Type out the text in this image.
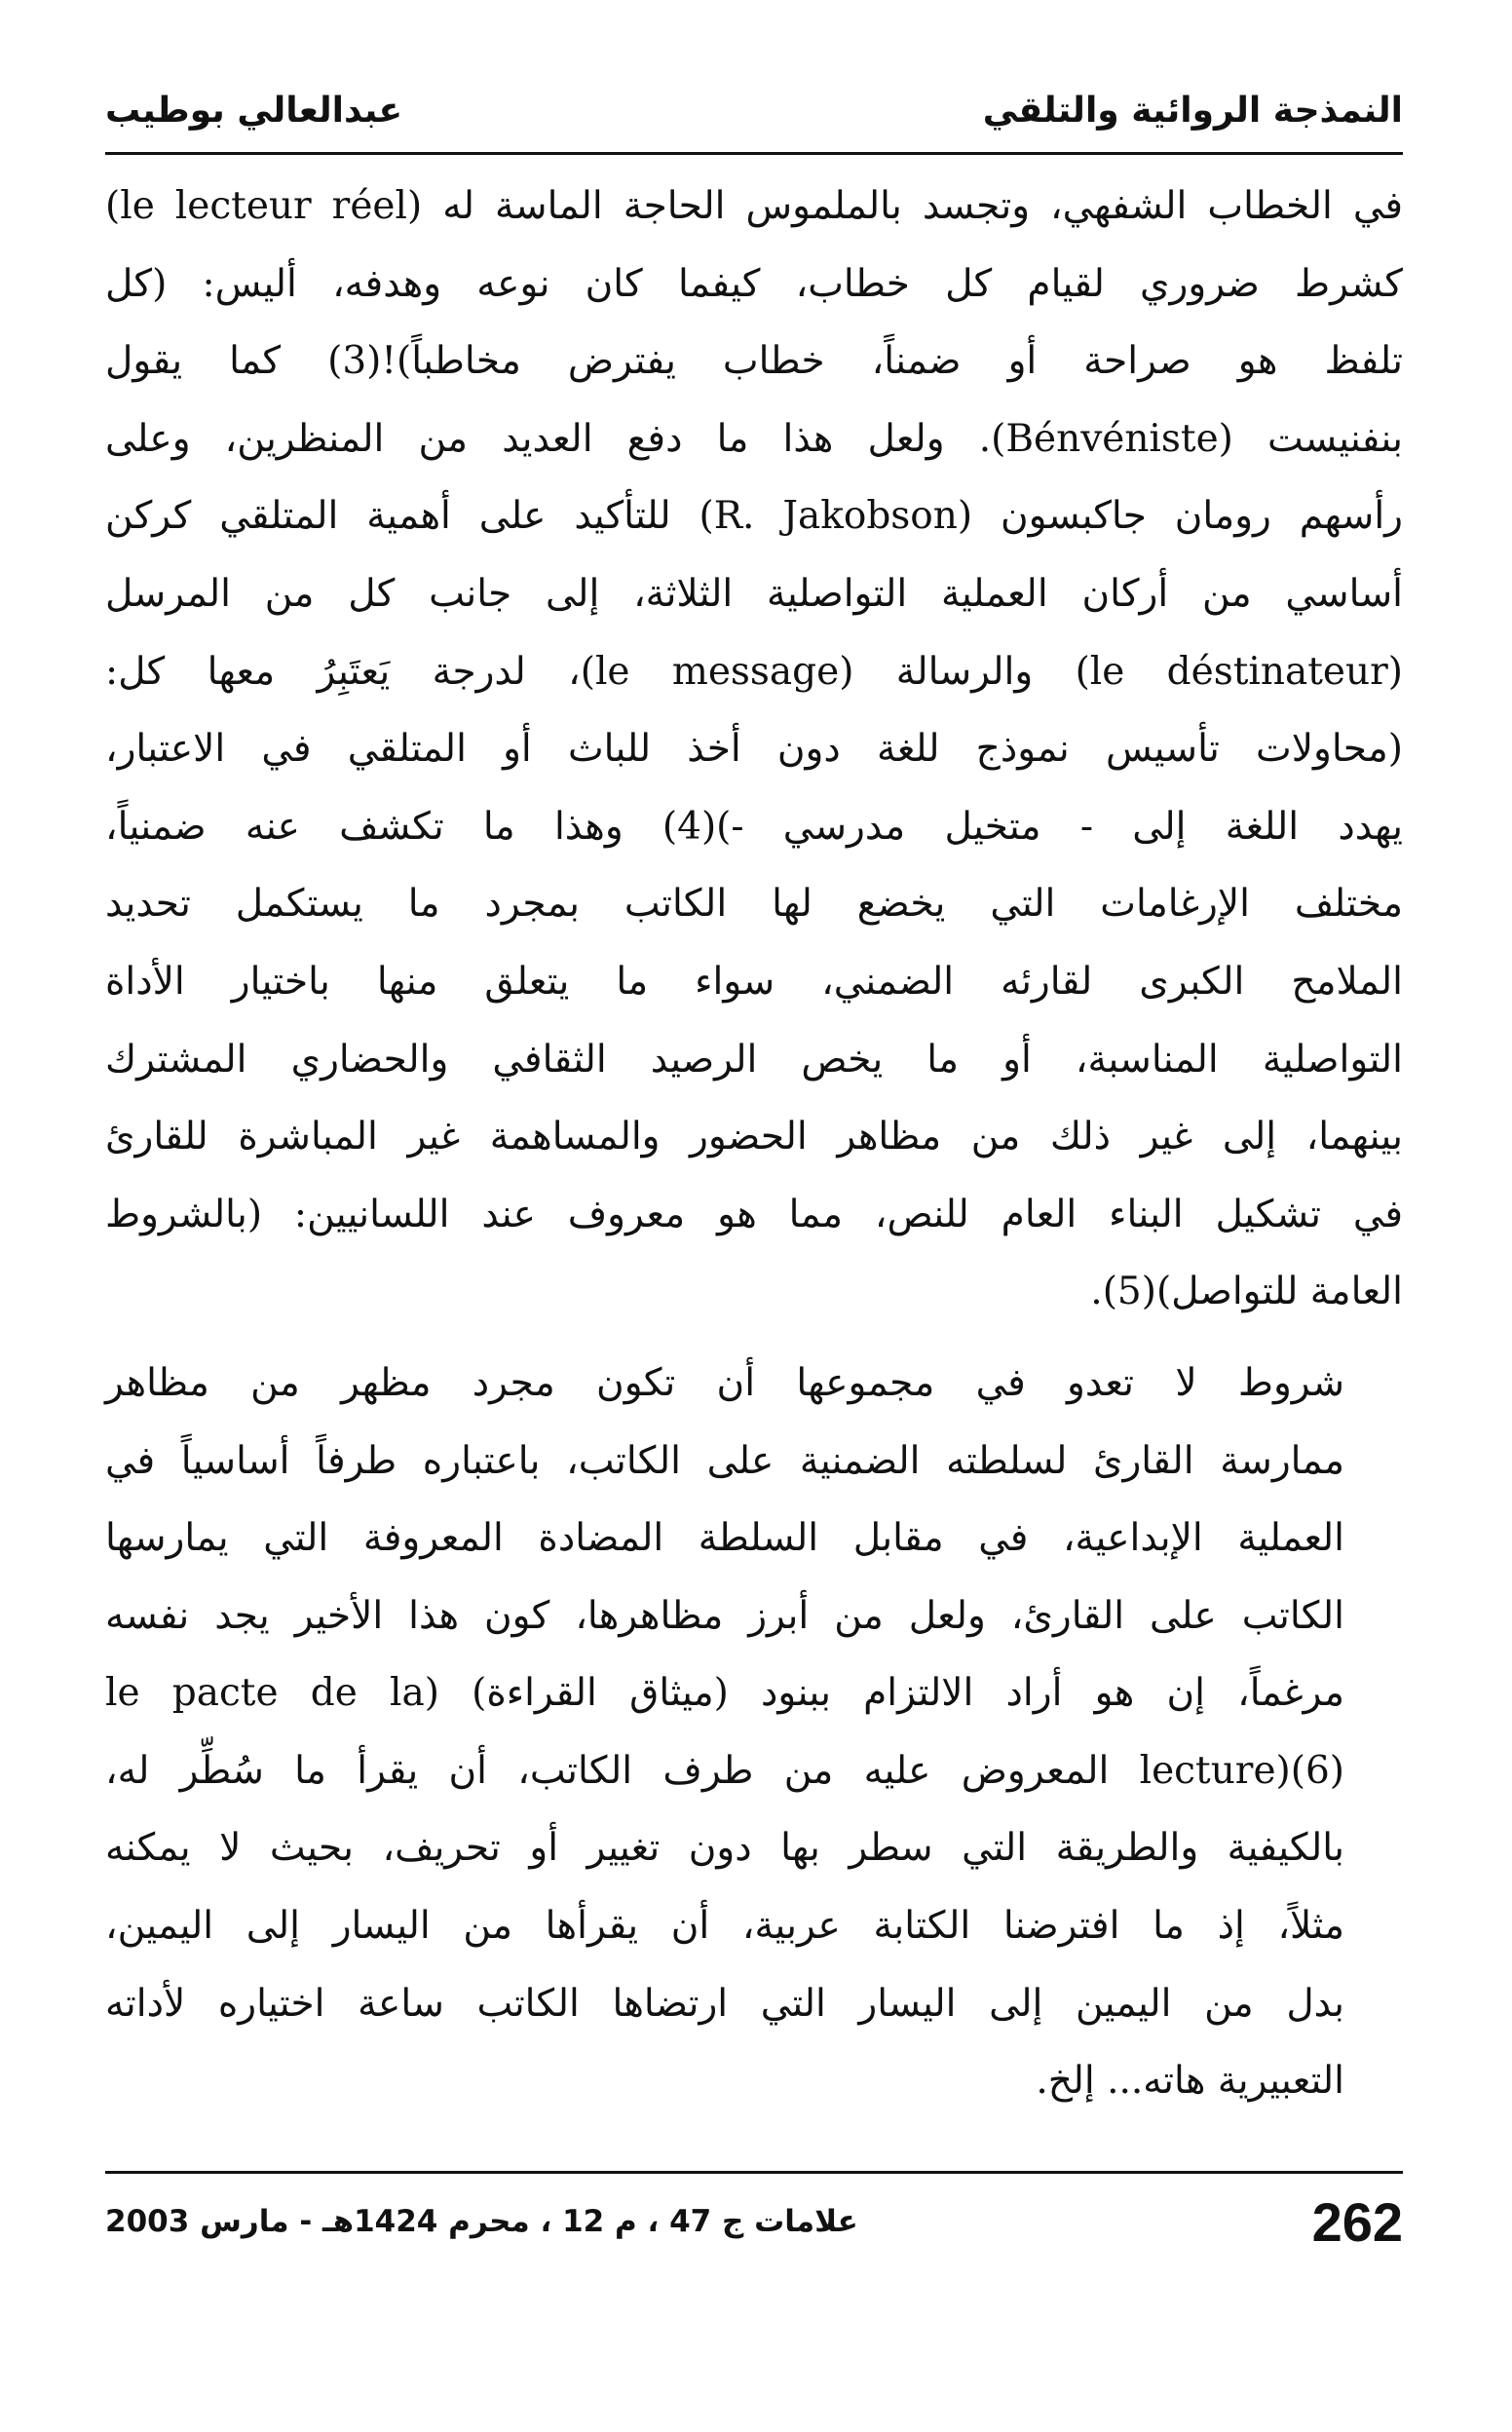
النمذجة الروائية والتلقي
عبدالعالي بوطيب

(le lecteur réel) في الخطاب الشفهي، وتجسد بالملموس الحاجة الماسة له
كشرط ضروري لقيام كل خطاب، كيفما كان نوعه وهدفه، أليس: (كل
تلفظ هو صراحة أو ضمناً، خطاب يفترض مخاطباً)!(3) كما يقول
بنفنيست (Bénvéniste). ولعل هذا ما دفع العديد من المنظرين، وعلى
رأسهم رومان جاكبسون (R. Jakobson) للتأكيد على أهمية المتلقي كركن
أساسي من أركان العملية التواصلية الثلاثة، إلى جانب كل من المرسل
(le déstinateur) والرسالة (le message)، لدرجة يَعتَبِرُ معها كل:
(محاولات تأسيس نموذج للغة دون أخذ للباث أو المتلقي في الاعتبار،
يهدد اللغة إلى - متخيل مدرسي -)(4) وهذا ما تكشف عنه ضمنياً،
مختلف الإرغامات التي يخضع لها الكاتب بمجرد ما يستكمل تحديد
الملامح الكبرى لقارئه الضمني، سواء ما يتعلق منها باختيار الأداة
التواصلية المناسبة، أو ما يخص الرصيد الثقافي والحضاري المشترك
بينهما، إلى غير ذلك من مظاهر الحضور والمساهمة غير المباشرة للقارئ
في تشكيل البناء العام للنص، مما هو معروف عند اللسانيين: (بالشروط
العامة للتواصل)(5).

شروط لا تعدو في مجموعها أن تكون مجرد مظهر من مظاهر
ممارسة القارئ لسلطته الضمنية على الكاتب، باعتباره طرفاً أساسياً في
العملية الإبداعية، في مقابل السلطة المضادة المعروفة التي يمارسها
الكاتب على القارئ، ولعل من أبرز مظاهرها، كون هذا الأخير يجد نفسه
مرغماً، إن هو أراد الالتزام ببنود (ميثاق القراءة) (le pacte de la
lecture)(6) المعروض عليه من طرف الكاتب، أن يقرأ ما سُطِّر له،
بالكيفية والطريقة التي سطر بها دون تغيير أو تحريف، بحيث لا يمكنه
مثلاً، إذ ما افترضنا الكتابة عربية، أن يقرأها من اليسار إلى اليمين،
بدل من اليمين إلى اليسار التي ارتضاها الكاتب ساعة اختياره لأداته
التعبيرية هاته... إلخ.

262
علامات ج 47 ، م 12 ، محرم 1424هـ - مارس 2003
